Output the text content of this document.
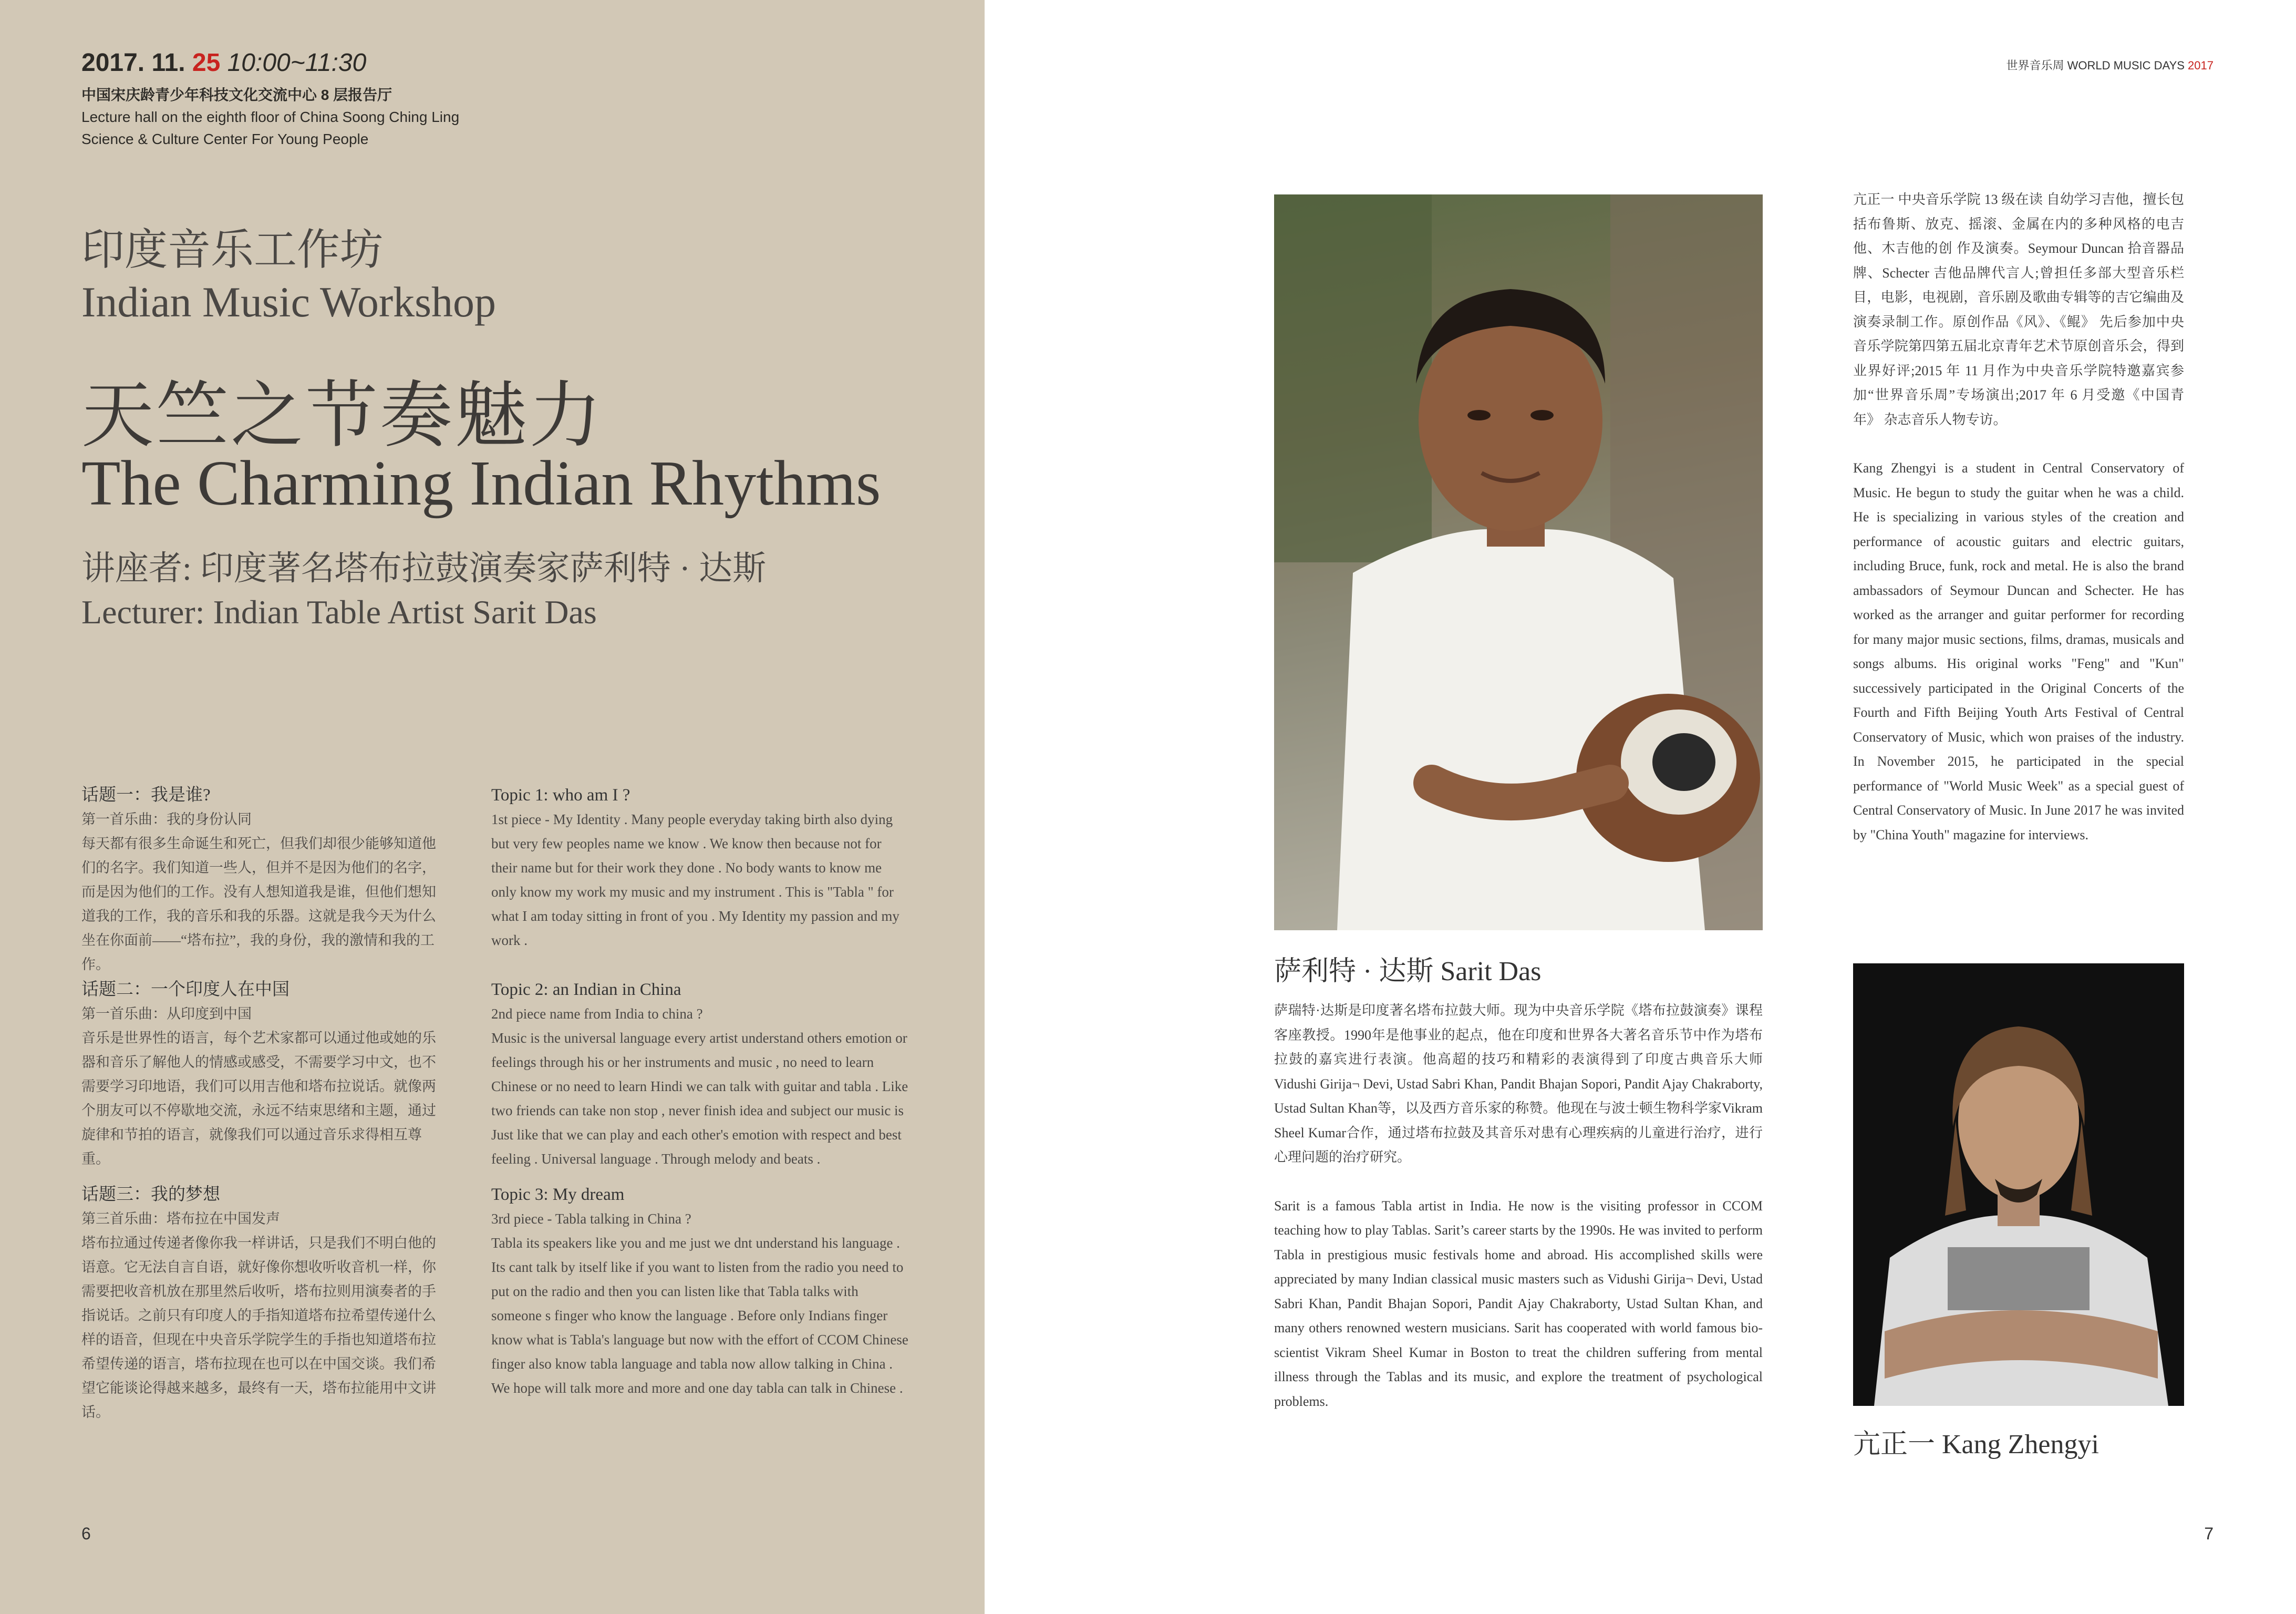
2017. 11. 25 10:00~11:30
中国宋庆龄青少年科技文化交流中心 8 层报告厅
Lecture hall on the eighth floor of China Soong Ching Ling
Science & Culture Center For Young People
印度音乐工作坊
Indian Music Workshop
天竺之节奏魅力
The Charming Indian Rhythms
讲座者: 印度著名塔布拉鼓演奏家萨利特 · 达斯
Lecturer: Indian Table Artist Sarit Das
话题一：我是谁?
第一首乐曲：我的身份认同

每天都有很多生命诞生和死亡，但我们却很少能够知道他们的名字。我们知道一些人，但并不是因为他们的名字，而是因为他们的工作。没有人想知道我是谁，但他们想知道我的工作，我的音乐和我的乐器。这就是我今天为什么坐在你面前——“塔布拉”，我的身份，我的激情和我的工作。

话题二：一个印度人在中国
第一首乐曲：从印度到中国

音乐是世界性的语言，每个艺术家都可以通过他或她的乐器和音乐了解他人的情感或感受，不需要学习中文，也不需要学习印地语，我们可以用吉他和塔布拉说话。就像两个朋友可以不停歇地交流，永远不结束思绪和主题，通过旋律和节拍的语言，就像我们可以通过音乐求得相互尊重。

话题三：我的梦想
第三首乐曲：塔布拉在中国发声

塔布拉通过传递者像你我一样讲话，只是我们不明白他的语意。它无法自言自语，就好像你想收听收音机一样，你需要把收音机放在那里然后收听，塔布拉则用演奏者的手指说话。之前只有印度人的手指知道塔布拉希望传递什么样的语音，但现在中央音乐学院学生的手指也知道塔布拉希望传递的语言，塔布拉现在也可以在中国交谈。我们希望它能谈论得越来越多，最终有一天，塔布拉能用中文讲话。

Topic 1: who am I ?

1st piece - My Identity . Many people everyday taking birth also dying but very few peoples name we know . We know then because not for their name but for their work they done . No body wants to know me only know my work my music and my instrument . This is "Tabla " for what I am today sitting in front of you . My Identity my passion and my work .

Topic 2: an Indian in China
2nd piece name from India to china ?

Music is the universal language every artist understand others emotion or feelings through his or her instruments and music , no need to learn Chinese or no need to learn Hindi we can talk with guitar and tabla . Like two friends can take non stop , never finish idea and subject our music is Just like that we can play and each other's emotion with respect and best feeling . Universal language . Through melody and beats .

Topic 3: My dream
3rd piece - Tabla talking in China ?

Tabla its speakers like you and me just we dnt understand his language . Its cant talk by itself like if you want to listen from the radio you need to put on the radio and then you can listen like that Tabla talks with someone s finger who know the language . Before only Indians finger know what is Tabla's language but now with the effort of CCOM Chinese finger also know tabla language and tabla now allow talking in China . We hope will talk more and more and one day tabla can talk in Chinese .

6
世界音乐周 WORLD MUSIC DAYS 2017
萨利特 · 达斯 Sarit Das

萨瑞特·达斯是印度著名塔布拉鼓大师。现为中央音乐学院《塔布拉鼓演奏》课程客座教授。1990年是他事业的起点，他在印度和世界各大著名音乐节中作为塔布拉鼓的嘉宾进行表演。他高超的技巧和精彩的表演得到了印度古典音乐大师Vidushi Girija¬ Devi, Ustad Sabri Khan, Pandit Bhajan Sopori, Pandit Ajay Chakraborty, Ustad Sultan Khan等，以及西方音乐家的称赞。他现在与波士顿生物科学家Vikram Sheel Kumar合作，通过塔布拉鼓及其音乐对患有心理疾病的儿童进行治疗，进行心理问题的治疗研究。

Sarit is a famous Tabla artist in India. He now is the visiting professor in CCOM teaching how to play Tablas. Sarit’s career starts by the 1990s. He was invited to perform Tabla in prestigious music festivals home and abroad. His accomplished skills were appreciated by many Indian classical music masters such as Vidushi Girija¬ Devi, Ustad Sabri Khan, Pandit Bhajan Sopori, Pandit Ajay Chakraborty, Ustad Sultan Khan, and many others renowned western musicians. Sarit has cooperated with world famous bio-scientist Vikram Sheel Kumar in Boston to treat the children suffering from mental illness through the Tablas and its music, and explore the treatment of psychological problems.

亢正一 中央音乐学院 13 级在读 自幼学习吉他，擅长包括布鲁斯、放克、摇滚、金属在内的多种风格的电吉他、木吉他的创 作及演奏。Seymour Duncan 拾音器品牌、Schecter 吉他品牌代言人;曾担任多部大型音乐栏 目，电影，电视剧，音乐剧及歌曲专辑等的吉它编曲及演奏录制工作。原创作品《风》、《鲲》 先后参加中央音乐学院第四第五届北京青年艺术节原创音乐会，得到业界好评;2015 年 11 月作为中央音乐学院特邀嘉宾参加“世界音乐周”专场演出;2017 年 6 月受邀《中国青年》 杂志音乐人物专访。

Kang Zhengyi is a student in Central Conservatory of Music. He begun to study the guitar when he was a child. He is specializing in various styles of the creation and performance of acoustic guitars and electric guitars, including Bruce, funk, rock and metal. He is also the brand ambassadors of Seymour Duncan and Schecter. He has worked as the arranger and guitar performer for recording for many major music sections, films, dramas, musicals and songs albums. His original works "Feng" and "Kun" successively participated in the Original Concerts of the Fourth and Fifth Beijing Youth Arts Festival of Central Conservatory of Music, which won praises of the industry. In November 2015, he participated in the special performance of "World Music Week" as a special guest of Central Conservatory of Music. In June 2017 he was invited by "China Youth" magazine for interviews.

亢正一 Kang Zhengyi
7
